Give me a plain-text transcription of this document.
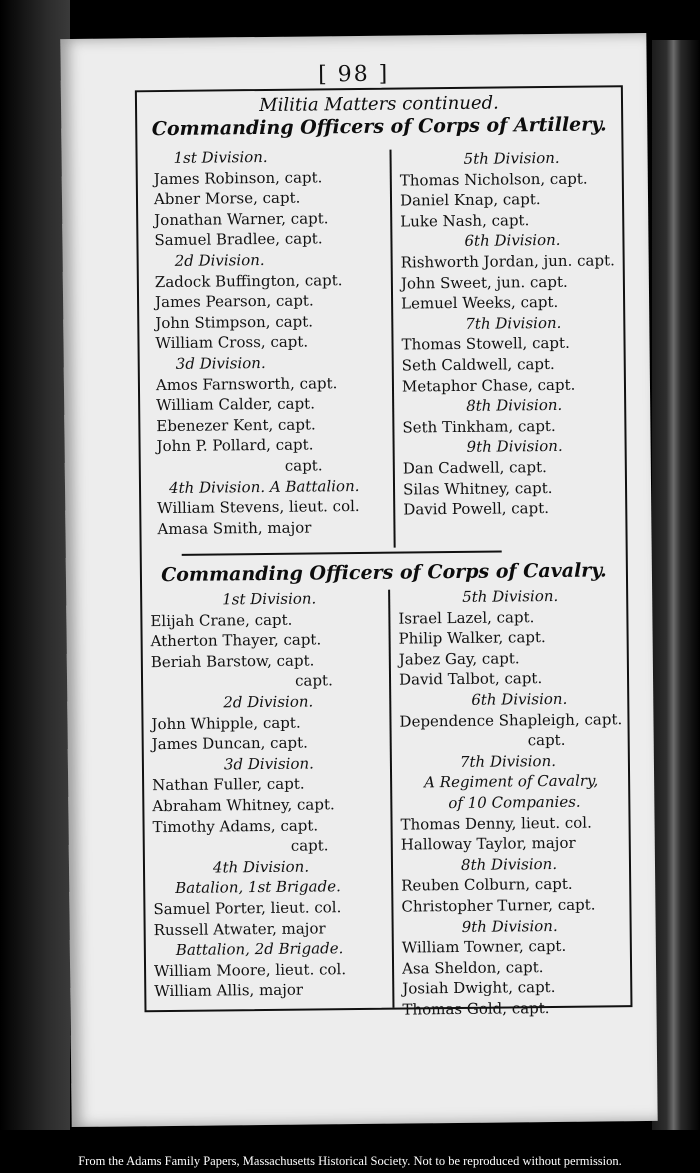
[ 98 ]
Militia Matters continued.
Commanding Officers of Corps of Artillery.
1st Division.
James Robinson, capt.
Abner Morse, capt.
Jonathan Warner, capt.
Samuel Bradlee, capt.
2d Division.
Zadock Buffington, capt.
James Pearson, capt.
John Stimpson, capt.
William Cross, capt.
3d Division.
Amos Farnsworth, capt.
William Calder, capt.
Ebenezer Kent, capt.
John P. Pollard, capt.
capt.
4th Division. A Battalion.
William Stevens, lieut. col.
Amasa Smith, major
5th Division.
Thomas Nicholson, capt.
Daniel Knap, capt.
Luke Nash, capt.
6th Division.
Rishworth Jordan, jun. capt.
John Sweet, jun. capt.
Lemuel Weeks, capt.
7th Division.
Thomas Stowell, capt.
Seth Caldwell, capt.
Metaphor Chase, capt.
8th Division.
Seth Tinkham, capt.
9th Division.
Dan Cadwell, capt.
Silas Whitney, capt.
David Powell, capt.
Commanding Officers of Corps of Cavalry.
1st Division.
Elijah Crane, capt.
Atherton Thayer, capt.
Beriah Barstow, capt.
capt.
2d Division.
John Whipple, capt.
James Duncan, capt.
3d Division.
Nathan Fuller, capt.
Abraham Whitney, capt.
Timothy Adams, capt.
capt.
4th Division.
Batalion, 1st Brigade.
Samuel Porter, lieut. col.
Russell Atwater, major
Battalion, 2d Brigade.
William Moore, lieut. col.
William Allis, major
5th Division.
Israel Lazel, capt.
Philip Walker, capt.
Jabez Gay, capt.
David Talbot, capt.
6th Division.
Dependence Shapleigh, capt.
capt.
7th Division.
A Regiment of Cavalry,
of 10 Companies.
Thomas Denny, lieut. col.
Halloway Taylor, major
8th Division.
Reuben Colburn, capt.
Christopher Turner, capt.
9th Division.
William Towner, capt.
Asa Sheldon, capt.
Josiah Dwight, capt.
Thomas Gold, capt.
From the Adams Family Papers, Massachusetts Historical Society. Not to be reproduced without permission.
